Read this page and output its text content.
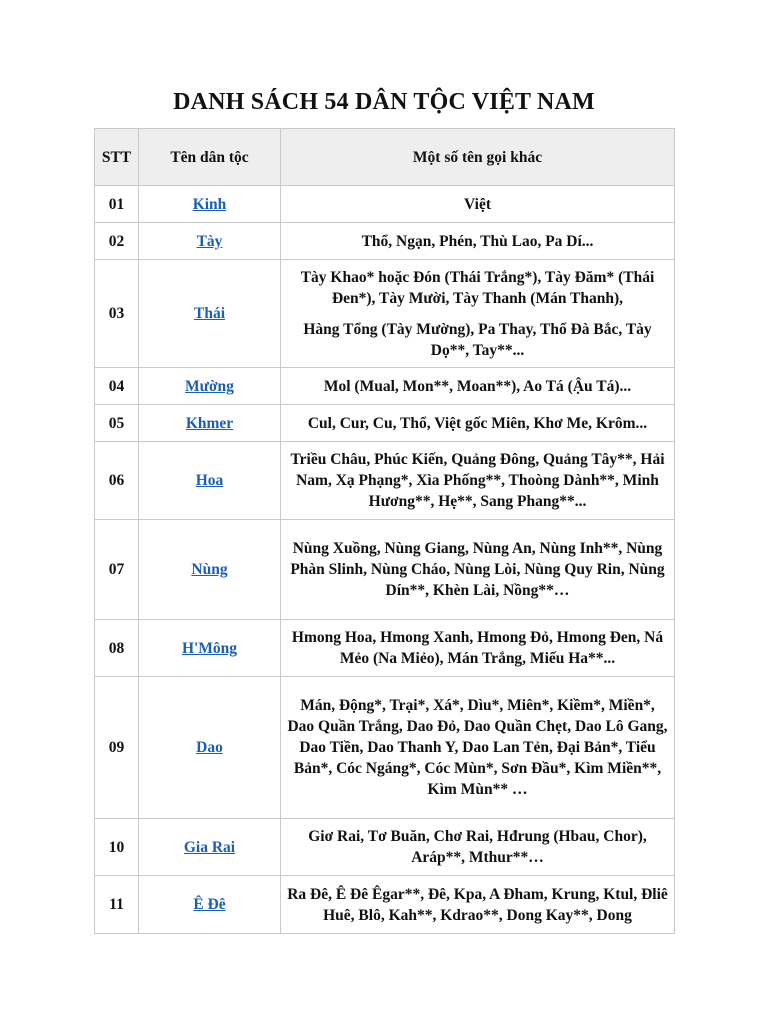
DANH SÁCH 54 DÂN TỘC VIỆT NAM
STT	Tên dân tộc	Một số tên gọi khác
01	Kinh	Việt

02	Tày	Thổ, Ngạn, Phén, Thù Lao, Pa Dí...

03	Thái	Tày Khao* hoặc Đón (Thái Trắng*), Tày Đăm* (Thái Đen*), Tày Mười, Tày Thanh (Mán Thanh),
Hàng Tổng (Tày Mường), Pa Thay, Thổ Đà Bắc, Tày Dọ**, Tay**...

04	Mường	Mol (Mual, Mon**, Moan**), Ao Tá (Ậu Tá)...

05	Khmer	Cul, Cur, Cu, Thổ, Việt gốc Miên, Khơ Me, Krôm...

06	Hoa	Triều Châu, Phúc Kiến, Quảng Đông, Quảng Tây**, Hải Nam, Xạ Phạng*, Xìa Phống**, Thoòng Dành**, Minh Hương**, Hẹ**, Sang Phang**...

07	Nùng	Nùng Xuồng, Nùng Giang, Nùng An, Nùng Inh**, Nùng Phàn Slinh, Nùng Cháo, Nùng Lòi, Nùng Quy Rin, Nùng Dín**, Khèn Lài, Nồng**…

08	H'Mông	Hmong Hoa, Hmong Xanh, Hmong Đỏ, Hmong Đen, Ná Mẻo (Na Miẻo), Mán Trắng, Miếu Ha**...

09	Dao	Mán, Động*, Trại*, Xá*, Dìu*, Miên*, Kiềm*, Miền*, Dao Quần Trắng, Dao Đỏ, Dao Quần Chẹt, Dao Lô Gang, Dao Tiền, Dao Thanh Y, Dao Lan Tẻn, Đại Bản*, Tiểu Bản*, Cóc Ngáng*, Cóc Mùn*, Sơn Đầu*, Kìm Miền**, Kìm Mùn** …

10	Gia Rai	Giơ Rai, Tơ Buăn, Chơ Rai, Hđrung (Hbau, Chor), Aráp**, Mthur**…

11	Ê Đê	Ra Đê, Ê Đê Êgar**, Đê, Kpa, A Đham, Krung, Ktul, Đliê Huê, Blô, Kah**, Kdrao**, Dong Kay**, Dong
